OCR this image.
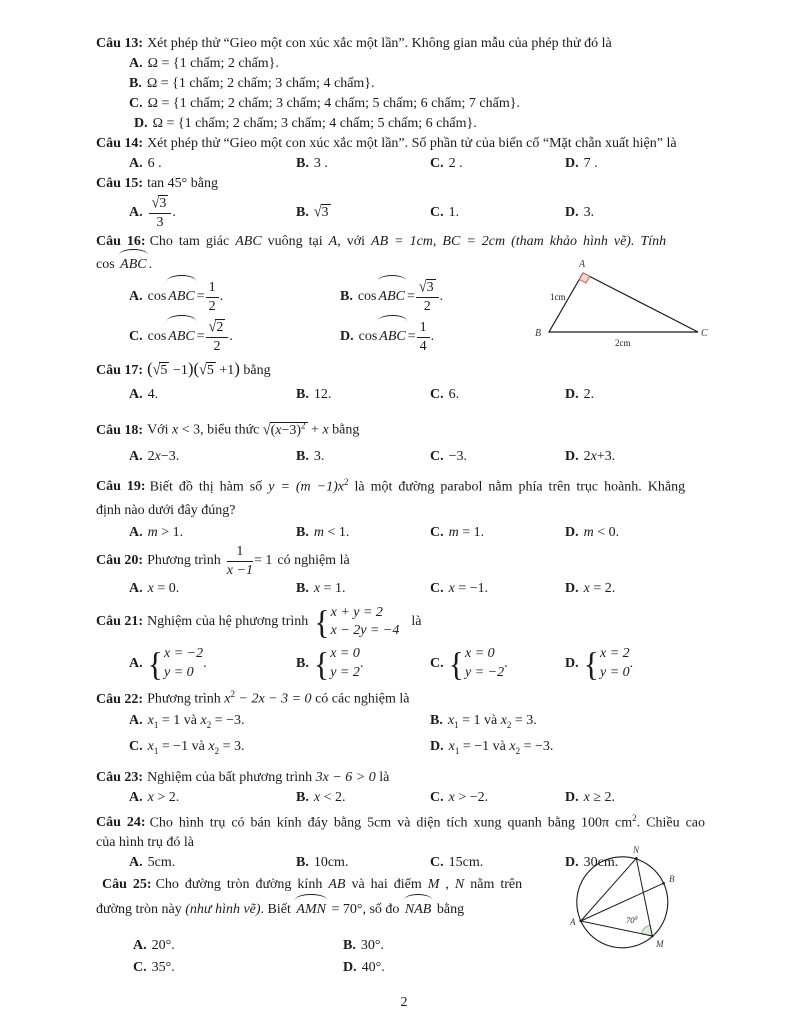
Câu 13: Xét phép thử “Gieo một con xúc xắc một lần”. Không gian mẫu của phép thử đó là
A. Ω = {1 chấm; 2 chấm}.
B. Ω = {1 chấm; 2 chấm; 3 chấm; 4 chấm}.
C. Ω = {1 chấm; 2 chấm; 3 chấm; 4 chấm; 5 chấm; 6 chấm; 7 chấm}.
D. Ω = {1 chấm; 2 chấm; 3 chấm; 4 chấm; 5 chấm; 6 chấm}.
Câu 14: Xét phép thử “Gieo một con xúc xắc một lần”. Số phần tử của biến cố “Mặt chẵn xuất hiện” là
A. 6 .	B. 3 .	C. 2 .	D. 7 .
Câu 15: tan 45° bằng
A. $\frac{√3}{3}$ .	B. √3	C. 1.	D. 3.
Câu 16: Cho tam giác ABC vuông tại A, với AB = 1cm, BC = 2cm (tham khảo hình vẽ). Tính
cos ABC .
A. cos ABC = $\frac{1}{2}$ .	B. cos ABC = $\frac{√3}{2}$ .
C. cos ABC = $\frac{√2}{2}$ .	D. cos ABC = $\frac{1}{4}$ .
Câu 17: (√5 −1)(√5 +1) bằng
A. 4.	B. 12.	C. 6.	D. 2.
Câu 18: Với x < 3, biểu thức $√(x-3)^2 + x$ bằng
A. 2x−3.	B. 3.	C. −3.	D. 2x+3.
Câu 19: Biết đồ thị hàm số $y = (m -1)x^2$ là một đường parabol nằm phía trên trục hoành. Khẳng
định nào dưới đây đúng?
A. m > 1.	B. m < 1.	C. m = 1.	D. m < 0.
Câu 20: Phương trình $\frac{1}{x -1} = 1$ có nghiệm là
A. x = 0.	B. x = 1.	C. x = −1.	D. x = 2.
Câu 21: Nghiệm của hệ phương trình { x + y = 2
x − 2y = −4
là
A. { x = −2
y = 0
.	B. { x = 0
y = 2
.	C. { x = 0
y = −2
.	D. { x = 2
y = 0
.
Câu 22: Phương trình $x^2 - 2x - 3 = 0$ có các nghiệm là
A. $x_1 = 1$ và $x_2 = -3$.	B. $x_1 = 1$ và $x_2 = 3$.
C. $x_1 = -1$ và $x_2 = 3$.	D. $x_1 = -1$ và $x_2 = -3$.
Câu 23: Nghiệm của bất phương trình 3x − 6 > 0 là
A. x > 2.	B. x < 2.	C. x > −2.	D. x ≥ 2.
Câu 24: Cho hình trụ có bán kính đáy bằng 5cm và diện tích xung quanh bằng 100π $cm^2$. Chiều cao
của hình trụ đó là
A. 5cm.	B. 10cm.	C. 15cm.	D. 30cm.
Câu 25: Cho đường tròn đường kính AB và hai điểm M , N nằm trên
đường tròn này (như hình vẽ). Biết AMN = 70°, số đo NAB bằng
A. 20°.	B. 30°.
C. 35°.	D. 40°.
2
A
B	C
1cm
2cm
N
B
A
M
$70^0$
